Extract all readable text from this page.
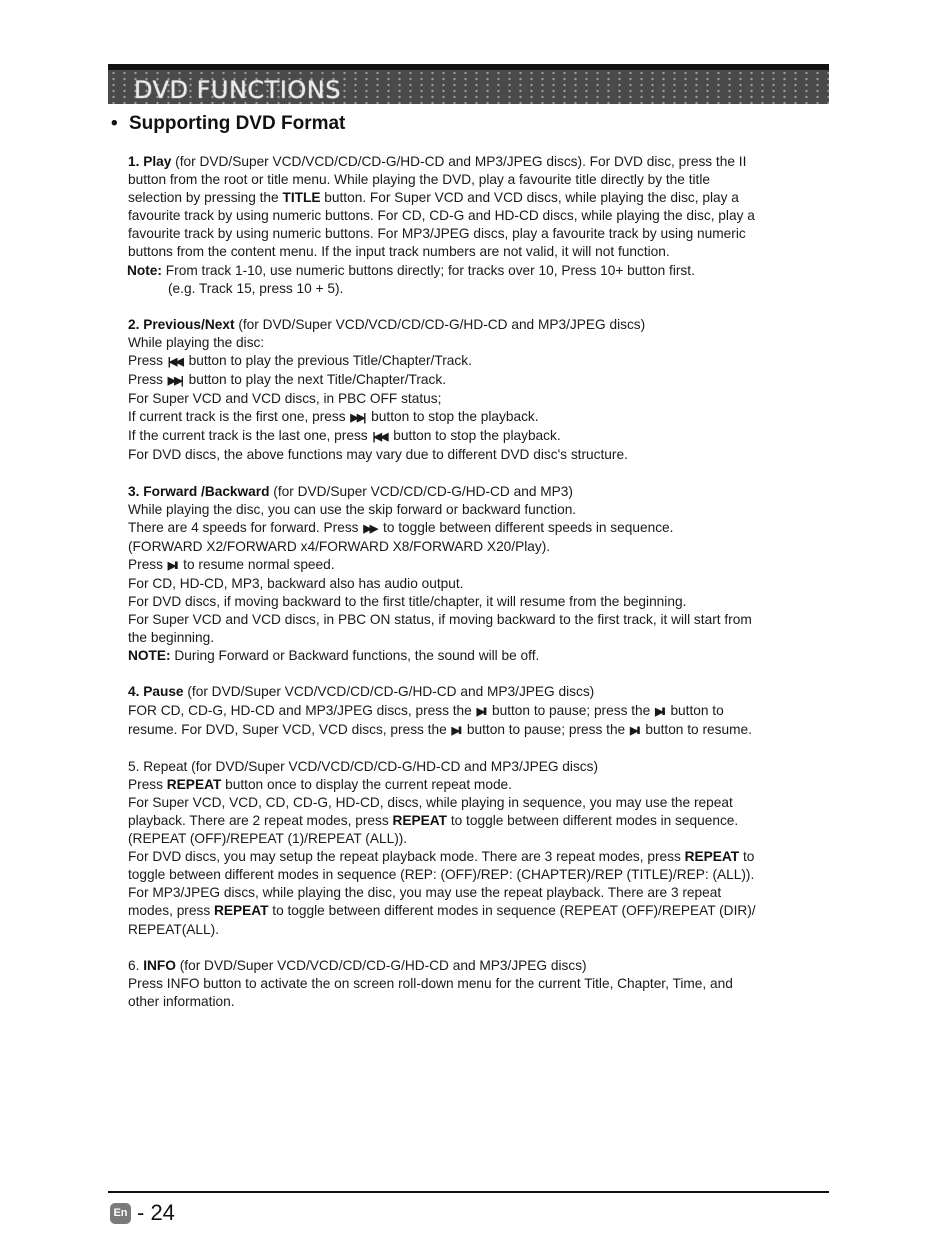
DVD FUNCTIONS
• Supporting DVD Format
1. Play (for DVD/Super VCD/VCD/CD/CD-G/HD-CD and MP3/JPEG discs). For DVD disc, press the II
button from the root or title menu. While playing the DVD, play a favourite title directly by the title
selection by pressing the TITLE button. For Super VCD and VCD discs, while playing the disc, play a
favourite track by using numeric buttons. For CD, CD-G and HD-CD discs, while playing the disc, play a
favourite track by using numeric buttons. For MP3/JPEG discs, play a favourite track by using numeric
buttons from the content menu. If the input track numbers are not valid, it will not function.
Note: From track 1-10, use numeric buttons directly; for tracks over 10, Press 10+ button first.
(e.g. Track 15, press 10 + 5).
2. Previous/Next (for DVD/Super VCD/VCD/CD/CD-G/HD-CD and MP3/JPEG discs)
While playing the disc:
Press |◀◀ button to play the previous Title/Chapter/Track.
Press ▶▶| button to play the next Title/Chapter/Track.
For Super VCD and VCD discs, in PBC OFF status;
If current track is the first one, press ▶▶| button to stop the playback.
If the current track is the last one, press |◀◀ button to stop the playback.
For DVD discs, the above functions may vary due to different DVD disc's structure.
3. Forward /Backward (for DVD/Super VCD/CD/CD-G/HD-CD and MP3)
While playing the disc, you can use the skip forward or backward function.
There are 4 speeds for forward. Press ▶▶ to toggle between different speeds in sequence.
(FORWARD X2/FORWARD x4/FORWARD X8/FORWARD X20/Play).
Press ▶II to resume normal speed.
For CD, HD-CD, MP3, backward also has audio output.
For DVD discs, if moving backward to the first title/chapter, it will resume from the beginning.
For Super VCD and VCD discs, in PBC ON status, if moving backward to the first track, it will start from
the beginning.
NOTE: During Forward or Backward functions, the sound will be off.
4. Pause (for DVD/Super VCD/VCD/CD/CD-G/HD-CD and MP3/JPEG discs)
FOR CD, CD-G, HD-CD and MP3/JPEG discs, press the ▶II button to pause; press the ▶II button to
resume. For DVD, Super VCD, VCD discs, press the ▶II button to pause; press the ▶II button to resume.
5. Repeat (for DVD/Super VCD/VCD/CD/CD-G/HD-CD and MP3/JPEG discs)
Press REPEAT button once to display the current repeat mode.
For Super VCD, VCD, CD, CD-G, HD-CD, discs, while playing in sequence, you may use the repeat
playback. There are 2 repeat modes, press REPEAT to toggle between different modes in sequence.
(REPEAT (OFF)/REPEAT (1)/REPEAT (ALL)).
For DVD discs, you may setup the repeat playback mode. There are 3 repeat modes, press REPEAT to
toggle between different modes in sequence (REP: (OFF)/REP: (CHAPTER)/REP (TITLE)/REP: (ALL)).
For MP3/JPEG discs, while playing the disc, you may use the repeat playback. There are 3 repeat
modes, press REPEAT to toggle between different modes in sequence (REPEAT (OFF)/REPEAT (DIR)/
REPEAT(ALL).
6. INFO (for DVD/Super VCD/VCD/CD/CD-G/HD-CD and MP3/JPEG discs)
Press INFO button to activate the on screen roll-down menu for the current Title, Chapter, Time, and
other information.
En - 24
